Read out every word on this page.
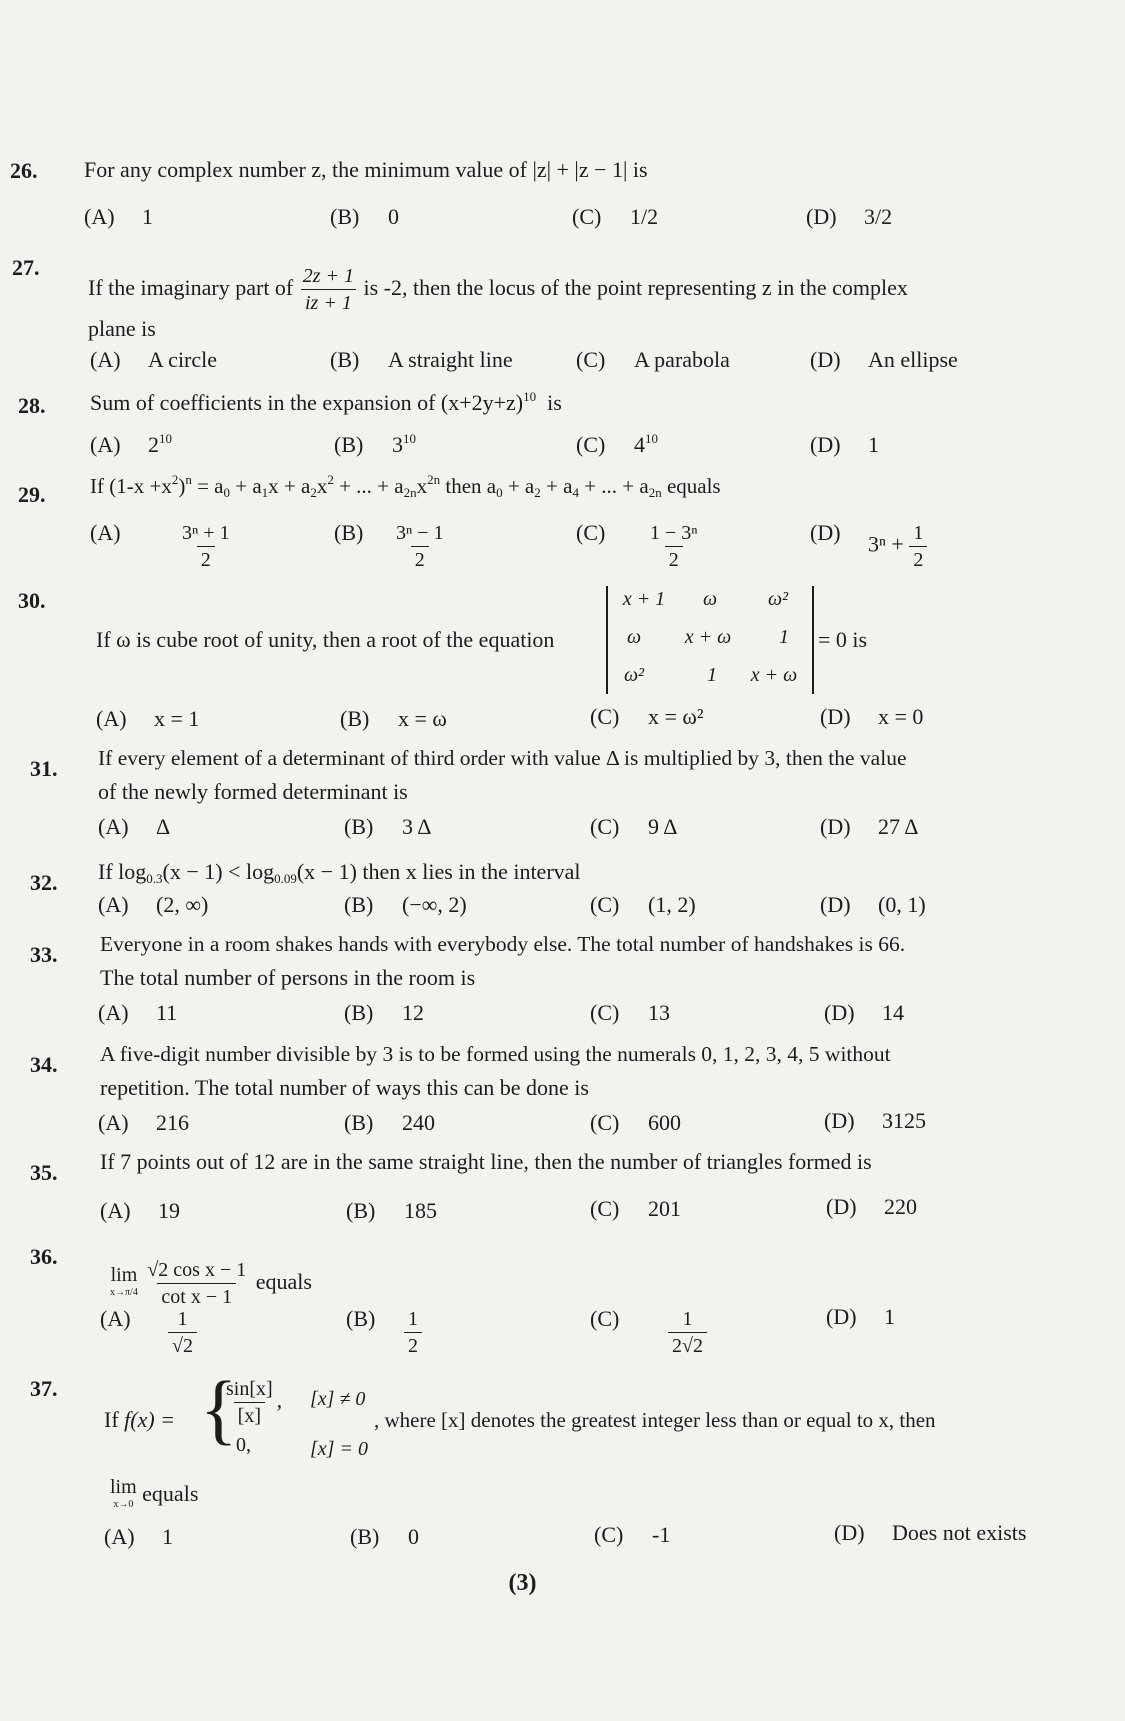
26. For any complex number z, the minimum value of |z| + |z − 1| is
(A) 1	(B) 0	(C) 1/2	(D) 3/2
27.
If the imaginary part of $\frac{2z + 1}{iz + 1}$ is -2, then the locus of the point representing z in the complex
plane is
(A) A circle	(B) A straight line	(C) A parabola	(D) An ellipse
28. Sum of coefficients in the expansion of $(x+2y+z)^{10}$ is
(A) $2^{10}$	(B) $3^{10}$	(C) $4^{10}$	(D) 1
29. If $(1-x +x^2)^n = a_0 + a_1x + a_2x^2$ + ... + $a_{2n}x^{2n}$ then $a_0 + a_2 + a_4$ + ... + $a_{2n}$ equals
(A)	$\frac{\text{3ⁿ + 1}}{2}$	$(B) \frac{\text{3ⁿ − 1}}{2}$	$(C) \frac{\text{1 − 3ⁿ}}{2}$	(D) $3^n + \frac{1}{2}$
30.
If ω is cube root of unity, then a root of the equation
x + 1	ω	ω²
ω	x + ω	1
ω²	1	x + ω
= 0 is
(A) x = 1	(B) x = ω	(C) x = ω²	(D) x = 0
31. If every element of a determinant of third order with value Δ is multiplied by 3, then the value
of the newly formed determinant is
(A) Δ	(B) 3 Δ	(C) 9 Δ	(D) 27 Δ
32. If $\log_{0.3}(x - 1) < \log_{0.09}(x - 1)$ then x lies in the interval
(A) (2, ∞)	(B) (−∞, 2)	(C) (1, 2)	(D) (0, 1)
33. Everyone in a room shakes hands with everybody else. The total number of handshakes is 66.
The total number of persons in the room is
(A) 11	(B) 12	(C) 13	(D) 14
34. A five-digit number divisible by 3 is to be formed using the numerals 0, 1, 2, 3, 4, 5 without
repetition. The total number of ways this can be done is
(A) 216	(B) 240	(C) 600	(D) 3125
35. If 7 points out of 12 are in the same straight line, then the number of triangles formed is
(A) 19	(B) 185	(C) 201	(D) 220
36.
lim
x→π/4
$\frac{\text{√2 cos x − 1}}{\text{cot x − 1}}$ equals
$(A) \frac{1}{√2}$	$(B) \frac{1}{2}$	$(C) \frac{1}{2√2}$	(D) 1
37.
If f(x) = {
$\frac{\sin[x]}{[x]}$ , [x] ≠ 0
0,	[x] = 0
, where [x] denotes the greatest integer less than or equal to x, then
lim
x→0 equals
(A) 1	(B) 0	(C) -1	(D) Does not exists
(3)
